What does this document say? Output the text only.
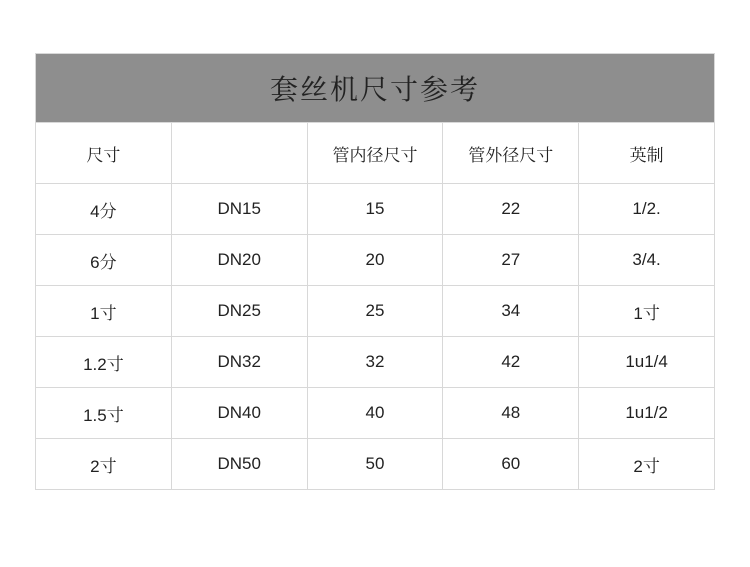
套丝机尺寸参考				
尺寸		管内径尺寸	管外径尺寸	英制
4分	DN15	15	22	1/2.
6分	DN20	20	27	3/4.
1寸	DN25	25	34	1寸
1.2寸	DN32	32	42	1u1/4
1.5寸	DN40	40	48	1u1/2
2寸	DN50	50	60	2寸
